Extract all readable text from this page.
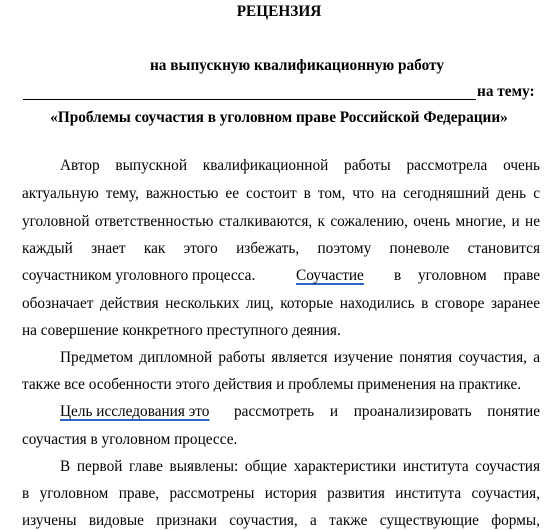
РЕЦЕНЗИЯ
на выпускную квалификационную работу
на тему:
«Проблемы соучастия в уголовном праве Российской Федерации»
Автор выпускной квалификационной работы рассмотрела очень
актуальную тему, важностью ее состоит в том, что на сегодняшний день с
уголовной ответственностью сталкиваются, к сожалению, очень многие, и не
каждый знает как этого избежать, поэтому поневоле становится
соучастником уголовного процесса.	Соучастие в уголовном праве
обозначает действия нескольких лиц, которые находились в сговоре заранее
на совершение конкретного преступного деяния.
Предметом дипломной работы является изучение понятия соучастия, а
также все особенности этого действия и проблемы применения на практике.
Цель исследования это рассмотреть и проанализировать понятие
соучастия в уголовном процессе.
В первой главе выявлены: общие характеристики института соучастия
в уголовном праве, рассмотрены история развития института соучастия,
изучены видовые признаки соучастия, а также существующие формы,
